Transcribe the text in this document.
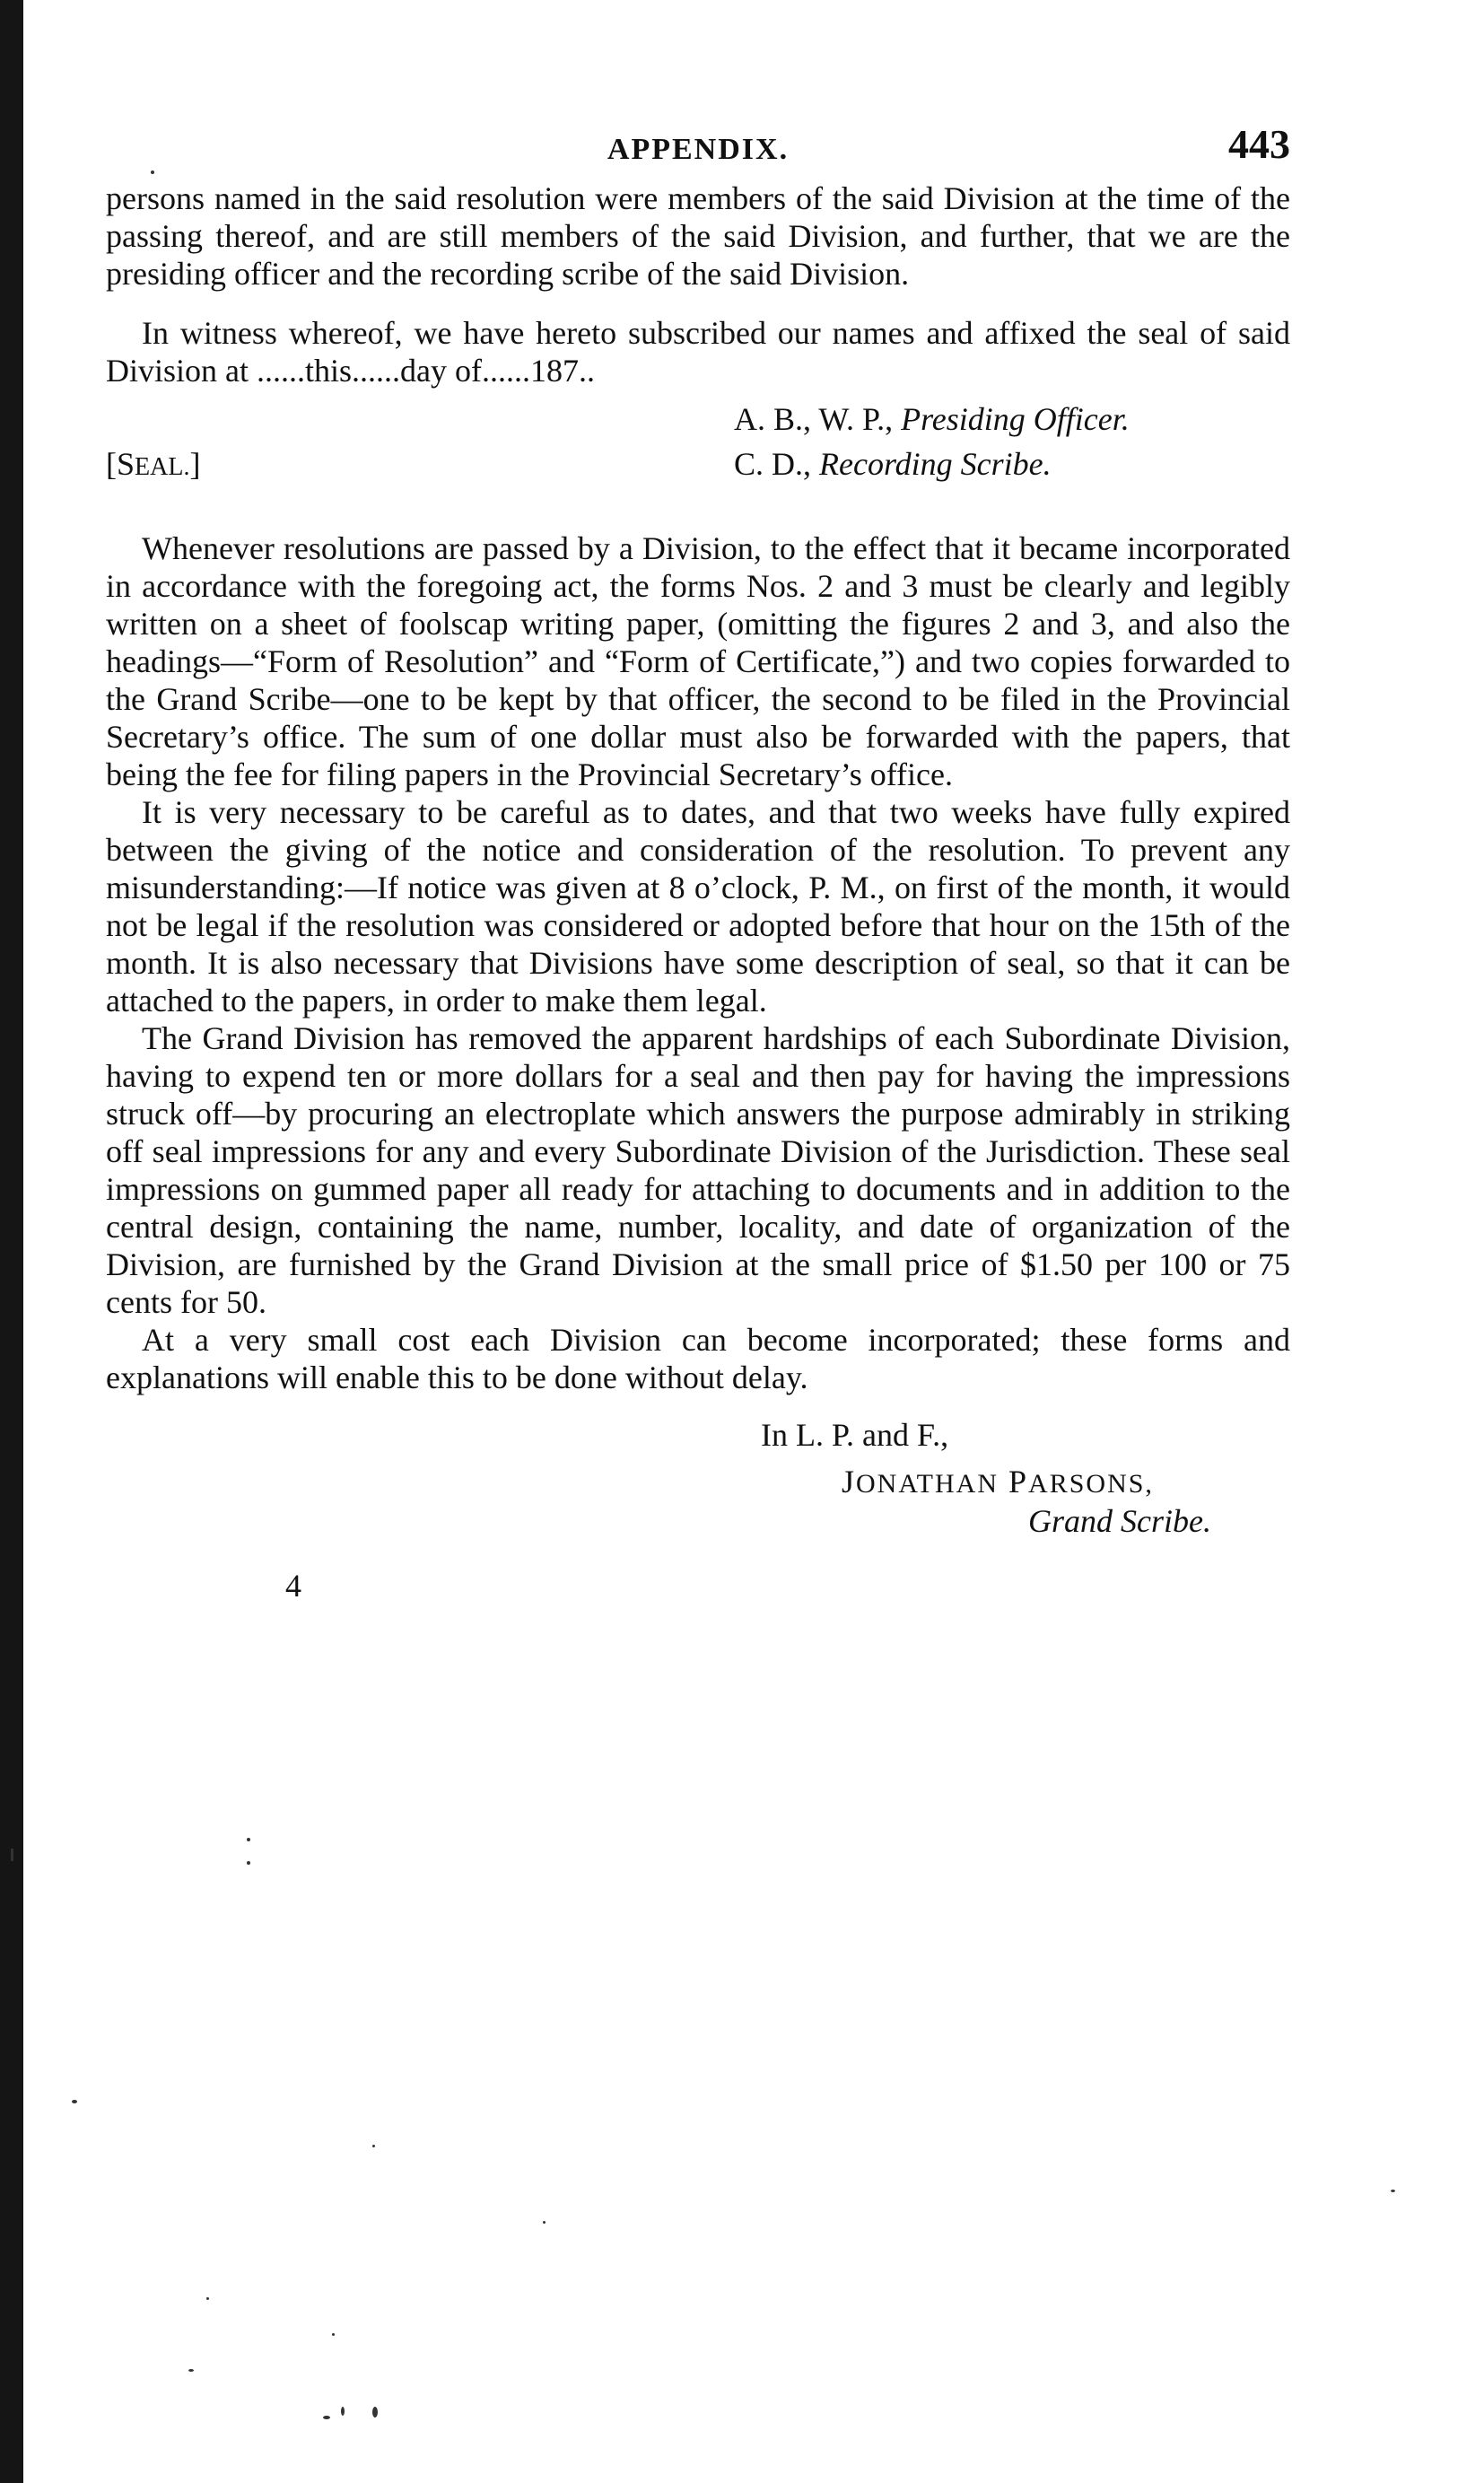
APPENDIX.	443

persons named in the said resolution were members of the said Division at the time of the passing thereof, and are still members of the said Division, and further, that we are the presiding officer and the recording scribe of the said Division.

In witness whereof, we have hereto subscribed our names and affixed the seal of said Division at ......this......day of......187..

A. B., W. P., Presiding Officer.
[SEAL.]	C. D., Recording Scribe.

Whenever resolutions are passed by a Division, to the effect that it became incorporated in accordance with the foregoing act, the forms Nos. 2 and 3 must be clearly and legibly written on a sheet of foolscap writing paper, (omitting the figures 2 and 3, and also the headings—“Form of Resolution” and “Form of Certificate,”) and two copies forwarded to the Grand Scribe—one to be kept by that officer, the second to be filed in the Provincial Secretary’s office. The sum of one dollar must also be forwarded with the papers, that being the fee for filing papers in the Provincial Secretary’s office.

It is very necessary to be careful as to dates, and that two weeks have fully expired between the giving of the notice and consideration of the resolution. To prevent any misunderstanding:—If notice was given at 8 o’clock, P. M., on first of the month, it would not be legal if the resolution was considered or adopted before that hour on the 15th of the month. It is also necessary that Divisions have some description of seal, so that it can be attached to the papers, in order to make them legal.

The Grand Division has removed the apparent hardships of each Subordinate Division, having to expend ten or more dollars for a seal and then pay for having the impressions struck off—by procuring an electroplate which answers the purpose admirably in striking off seal impressions for any and every Subordinate Division of the Jurisdiction. These seal impressions on gummed paper all ready for attaching to documents and in addition to the central design, containing the name, number, locality, and date of organization of the Division, are furnished by the Grand Division at the small price of $1.50 per 100 or 75 cents for 50.

At a very small cost each Division can become incorporated; these forms and explanations will enable this to be done without delay.

In L. P. and F.,
JONATHAN PARSONS,
Grand Scribe.
4
